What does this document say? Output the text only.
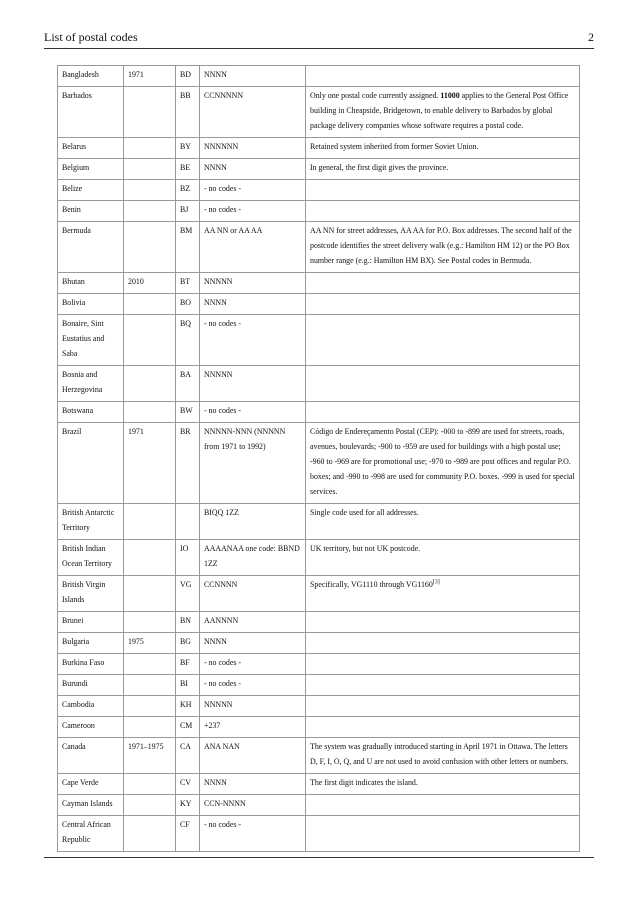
List of postal codes	2
Bangladesh	1971	BD	NNNN	
Barbados		BB	CCNNNNN	Only one postal code currently assigned. 11000 applies to the General Post Office building in Cheapside, Bridgetown, to enable delivery to Barbados by global package delivery companies whose software requires a postal code.
Belarus		BY	NNNNNN	Retained system inherited from former Soviet Union.
Belgium		BE	NNNN	In general, the first digit gives the province.
Belize		BZ	- no codes -	
Benin		BJ	- no codes -	
Bermuda		BM	AA NN or AA AA	AA NN for street addresses, AA AA for P.O. Box addresses. The second half of the postcode identifies the street delivery walk (e.g.: Hamilton HM 12) or the PO Box number range (e.g.: Hamilton HM BX). See Postal codes in Bermuda.
Bhutan	2010	BT	NNNNN	
Bolivia		BO	NNNN	
Bonaire, Sint Eustatius and Saba		BQ	- no codes -	
Bosnia and Herzegovina		BA	NNNNN	
Botswana		BW	- no codes -	
Brazil	1971	BR	NNNNN-NNN (NNNNN from 1971 to 1992)	Código de Endereçamento Postal (CEP): -000 to -899 are used for streets, roads, avenues, boulevards; -900 to -959 are used for buildings with a high postal use; -960 to -969 are for promotional use; -970 to -989 are post offices and regular P.O. boxes; and -990 to -998 are used for community P.O. boxes. -999 is used for special services.
British Antarctic Territory			BIQQ 1ZZ	Single code used for all addresses.
British Indian Ocean Territory		IO	AAAANAA one code: BBND 1ZZ	UK territory, but not UK postcode.
British Virgin Islands		VG	CCNNNN	Specifically, VG1110 through VG1160[3]
Brunei		BN	AANNNN	
Bulgaria	1975	BG	NNNN	
Burkina Faso		BF	- no codes -	
Burundi		BI	- no codes -	
Cambodia		KH	NNNNN	
Cameroon		CM	+237	
Canada	1971–1975	CA	ANA NAN	The system was gradually introduced starting in April 1971 in Ottawa. The letters D, F, I, O, Q, and U are not used to avoid confusion with other letters or numbers.
Cape Verde		CV	NNNN	The first digit indicates the island.
Cayman Islands		KY	CCN-NNNN	
Central African Republic		CF	- no codes -	
